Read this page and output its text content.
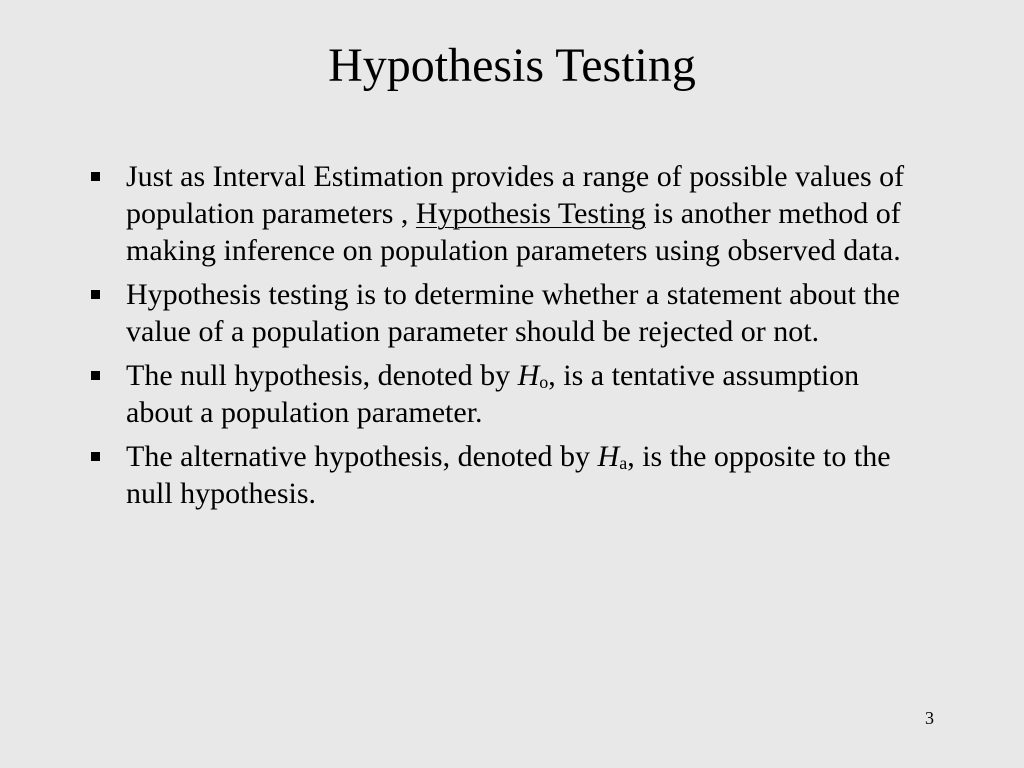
Hypothesis Testing
Just as Interval Estimation provides a range of possible values of population parameters , Hypothesis Testing is another method of making inference on population parameters using observed data.
Hypothesis testing is to determine whether a statement about the value of a population parameter should be rejected or not.
The null hypothesis, denoted by $H_o$, is a tentative assumption about a population parameter.
The alternative hypothesis, denoted by $H_a$, is the opposite to the null hypothesis.
3
